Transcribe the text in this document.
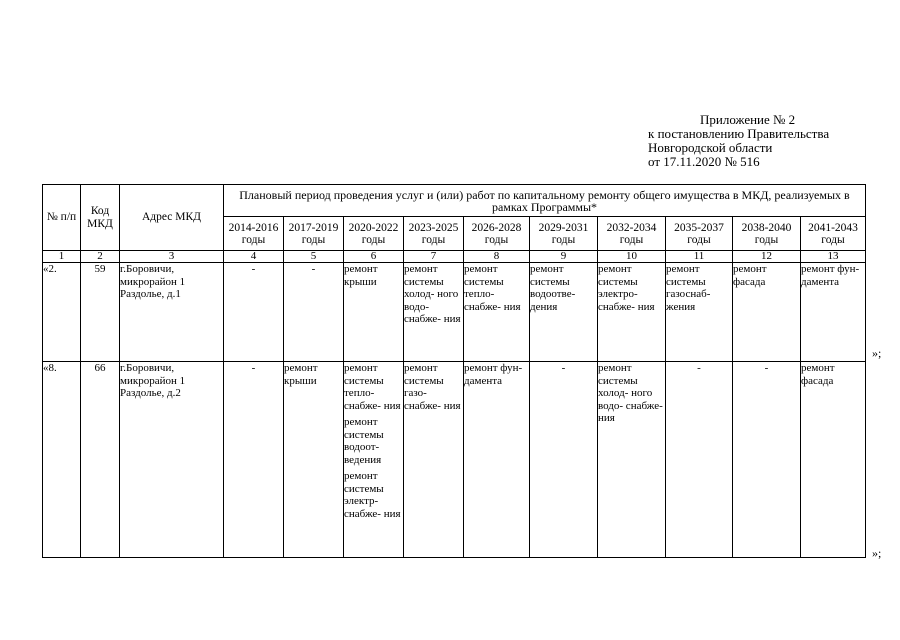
Приложение № 2
к постановлению Правительства
Новгородской области
от 17.11.2020 № 516
№ п/п	Код МКД	Адрес МКД	Плановый период проведения услуг и (или) работ по капитальному ремонту общего имущества в МКД, реализуемых в рамках Программы*									
			2014-2016 годы	2017-2019 годы	2020-2022 годы	2023-2025 годы	2026-2028 годы	2029-2031 годы	2032-2034 годы	2035-2037 годы	2038-2040 годы	2041-2043 годы
1	2	3	4	5	6	7	8	9	10	11	12	13
«2.	59	г.Боровичи, микрорайон 1 Раздолье, д.1	-	-	ремонт крыши	ремонт системы холод- ного водо- снабже- ния	ремонт системы тепло- снабже- ния	ремонт системы водоотве- дения	ремонт системы электро- снабже- ния	ремонт системы газоснаб- жения	ремонт фасада	ремонт фун- дамента

«8.	66	г.Боровичи, микрорайон 1 Раздолье, д.2	-	ремонт крыши	ремонт системы тепло- снабже- ния
ремонт системы водоот- ведения
ремонт системы электр- снабже- ния	ремонт системы газо- снабже- ния	ремонт фун- дамента	-	ремонт системы холод- ного водо- снабже- ния	-	-	ремонт фасада
»;
»;
